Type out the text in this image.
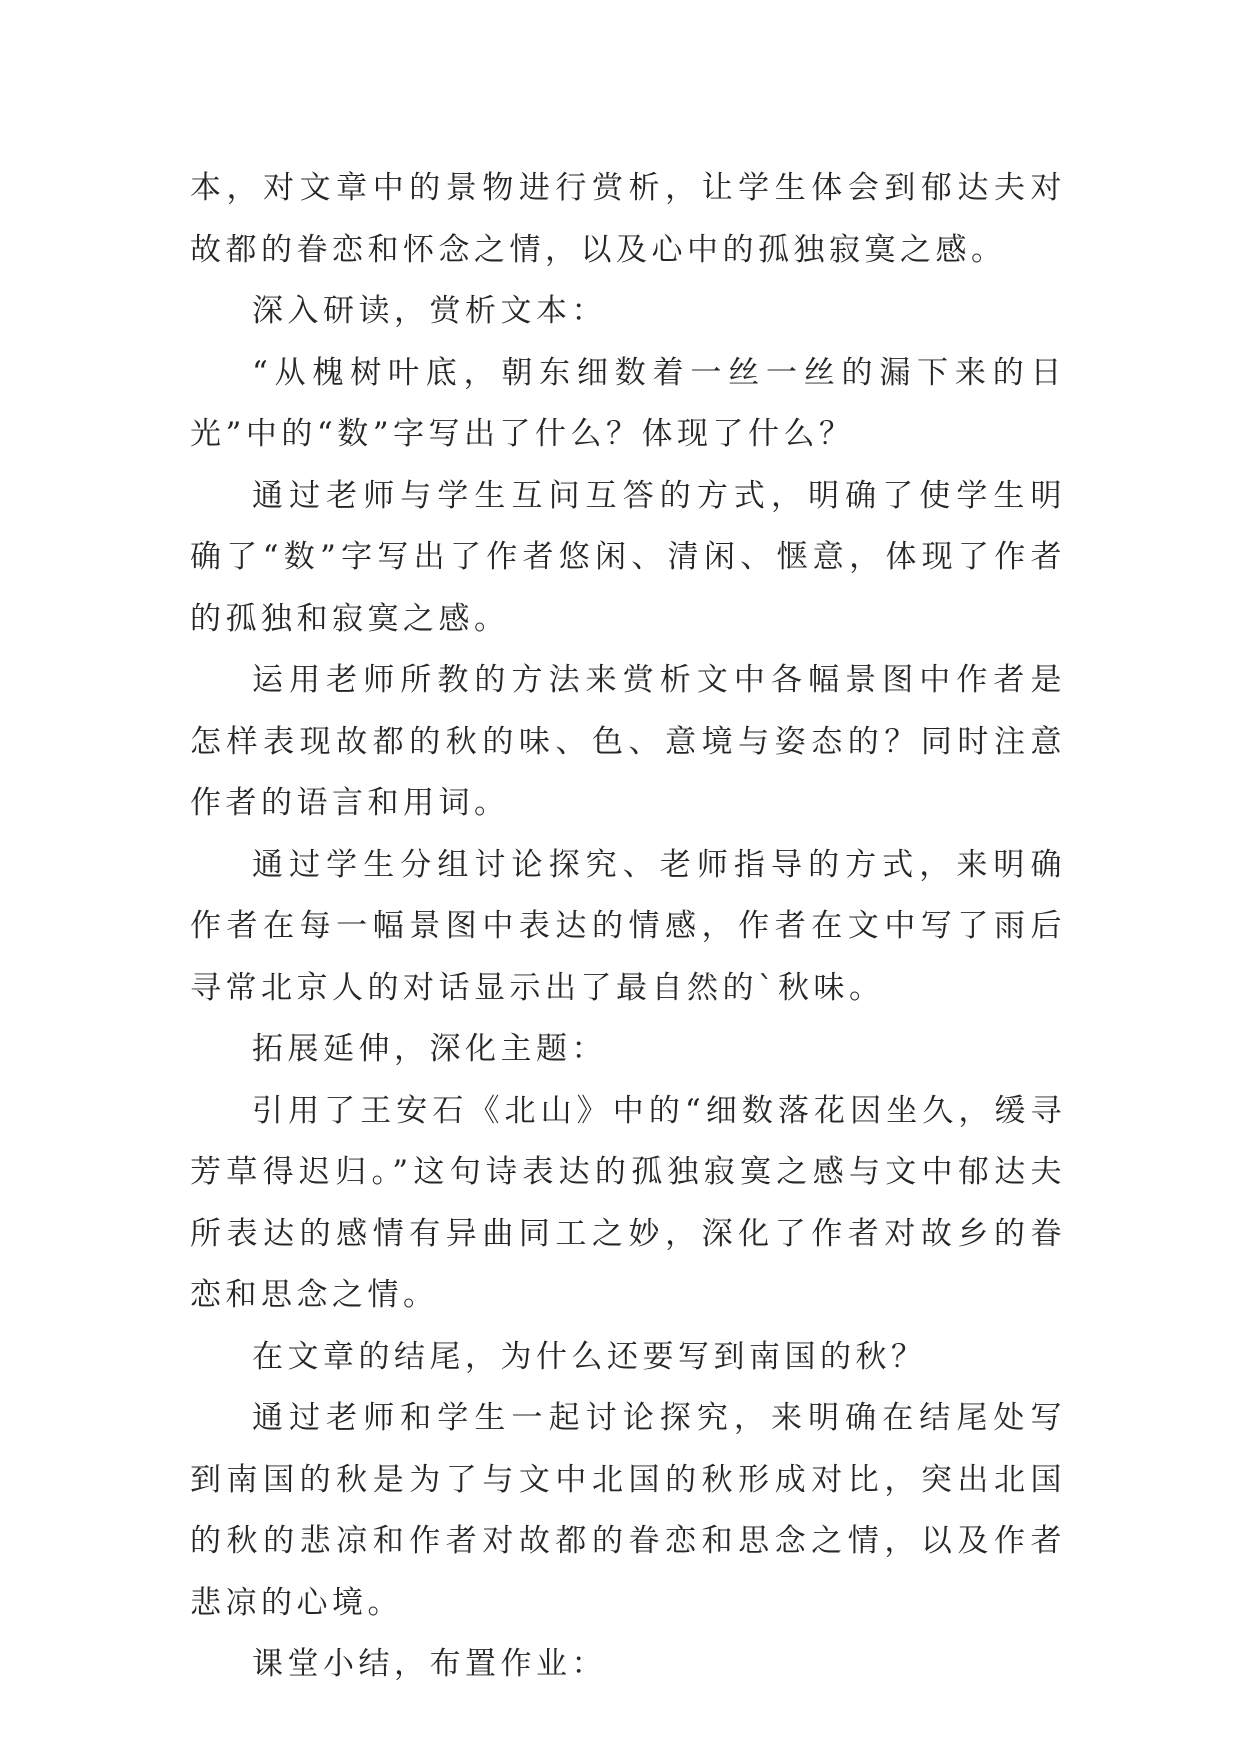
本，对文章中的景物进行赏析，让学生体会到郁达夫对故都的眷恋和怀念之情，以及心中的孤独寂寞之感。

深入研读，赏析文本：

“从槐树叶底，朝东细数着一丝一丝的漏下来的日光”中的“数”字写出了什么？体现了什么？

通过老师与学生互问互答的方式，明确了使学生明确了“数”字写出了作者悠闲、清闲、惬意，体现了作者的孤独和寂寞之感。

运用老师所教的方法来赏析文中各幅景图中作者是怎样表现故都的秋的味、色、意境与姿态的？同时注意作者的语言和用词。

通过学生分组讨论探究、老师指导的方式，来明确作者在每一幅景图中表达的情感，作者在文中写了雨后寻常北京人的对话显示出了最自然的`秋味。

拓展延伸，深化主题：

引用了王安石《北山》中的“细数落花因坐久，缓寻芳草得迟归。”这句诗表达的孤独寂寞之感与文中郁达夫所表达的感情有异曲同工之妙，深化了作者对故乡的眷恋和思念之情。

在文章的结尾，为什么还要写到南国的秋？

通过老师和学生一起讨论探究，来明确在结尾处写到南国的秋是为了与文中北国的秋形成对比，突出北国的秋的悲凉和作者对故都的眷恋和思念之情，以及作者悲凉的心境。

课堂小结，布置作业：
